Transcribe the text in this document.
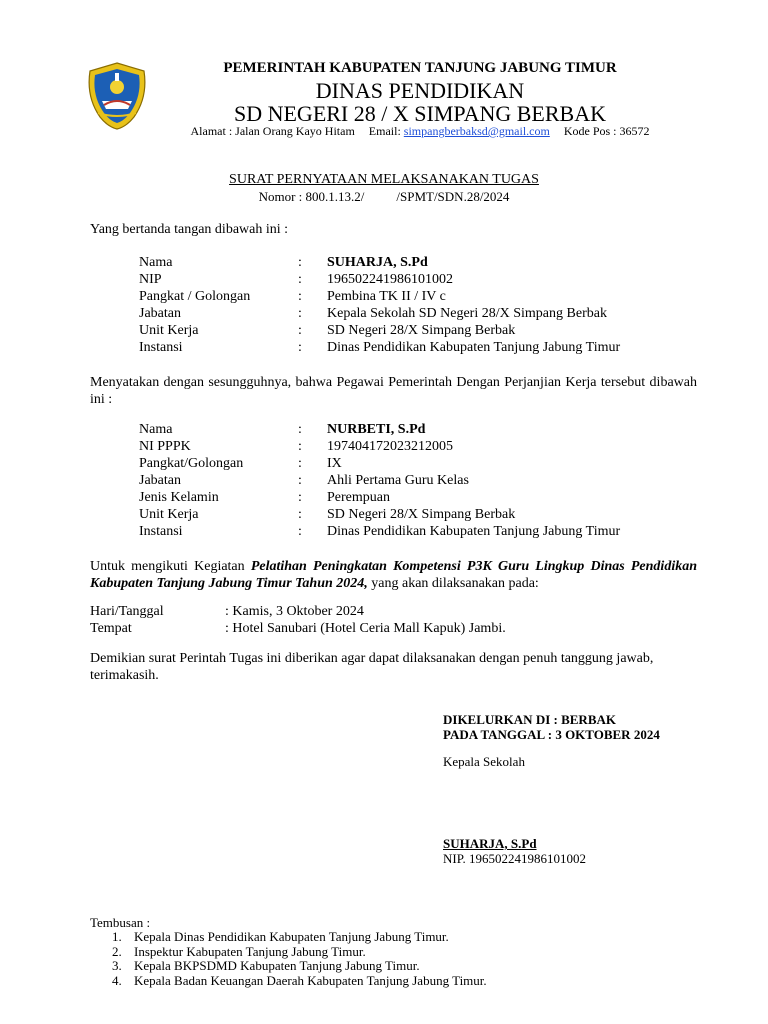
PEMERINTAH KABUPATEN TANJUNG JABUNG TIMUR
DINAS PENDIDIKAN
SD NEGERI 28 / X SIMPANG BERBAK
Alamat : Jalan Orang Kayo Hitam Email: simpangberbaksd@gmail.com Kode Pos : 36572
SURAT PERNYATAAN MELAKSANAKAN TUGAS
Nomor : 800.1.13.2/ /SPMT/SDN.28/2024
Yang bertanda tangan dibawah ini :
Nama	: SUHARJA, S.Pd
NIP	: 196502241986101002
Pangkat / Golongan	: Pembina TK II / IV c
Jabatan	: Kepala Sekolah SD Negeri 28/X Simpang Berbak
Unit Kerja	: SD Negeri 28/X Simpang Berbak
Instansi	: Dinas Pendidikan Kabupaten Tanjung Jabung Timur
Menyatakan dengan sesungguhnya, bahwa Pegawai Pemerintah Dengan Perjanjian Kerja tersebut dibawah ini :
Nama	: NURBETI, S.Pd
NI PPPK	: 197404172023212005
Pangkat/Golongan	: IX
Jabatan	: Ahli Pertama Guru Kelas
Jenis Kelamin	: Perempuan
Unit Kerja	: SD Negeri 28/X Simpang Berbak
Instansi	: Dinas Pendidikan Kabupaten Tanjung Jabung Timur
Untuk mengikuti Kegiatan Pelatihan Peningkatan Kompetensi P3K Guru Lingkup Dinas Pendidikan Kabupaten Tanjung Jabung Timur Tahun 2024, yang akan dilaksanakan pada:
Hari/Tanggal	: Kamis, 3 Oktober 2024
Tempat	: Hotel Sanubari (Hotel Ceria Mall Kapuk) Jambi.
Demikian surat Perintah Tugas ini diberikan agar dapat dilaksanakan dengan penuh tanggung jawab, terimakasih.
DIKELURKAN DI : BERBAK
PADA TANGGAL : 3 OKTOBER 2024
Kepala Sekolah
SUHARJA, S.Pd
NIP. 196502241986101002
Tembusan :
1. Kepala Dinas Pendidikan Kabupaten Tanjung Jabung Timur.
2. Inspektur Kabupaten Tanjung Jabung Timur.
3. Kepala BKPSDMD Kabupaten Tanjung Jabung Timur.
4. Kepala Badan Keuangan Daerah Kabupaten Tanjung Jabung Timur.
